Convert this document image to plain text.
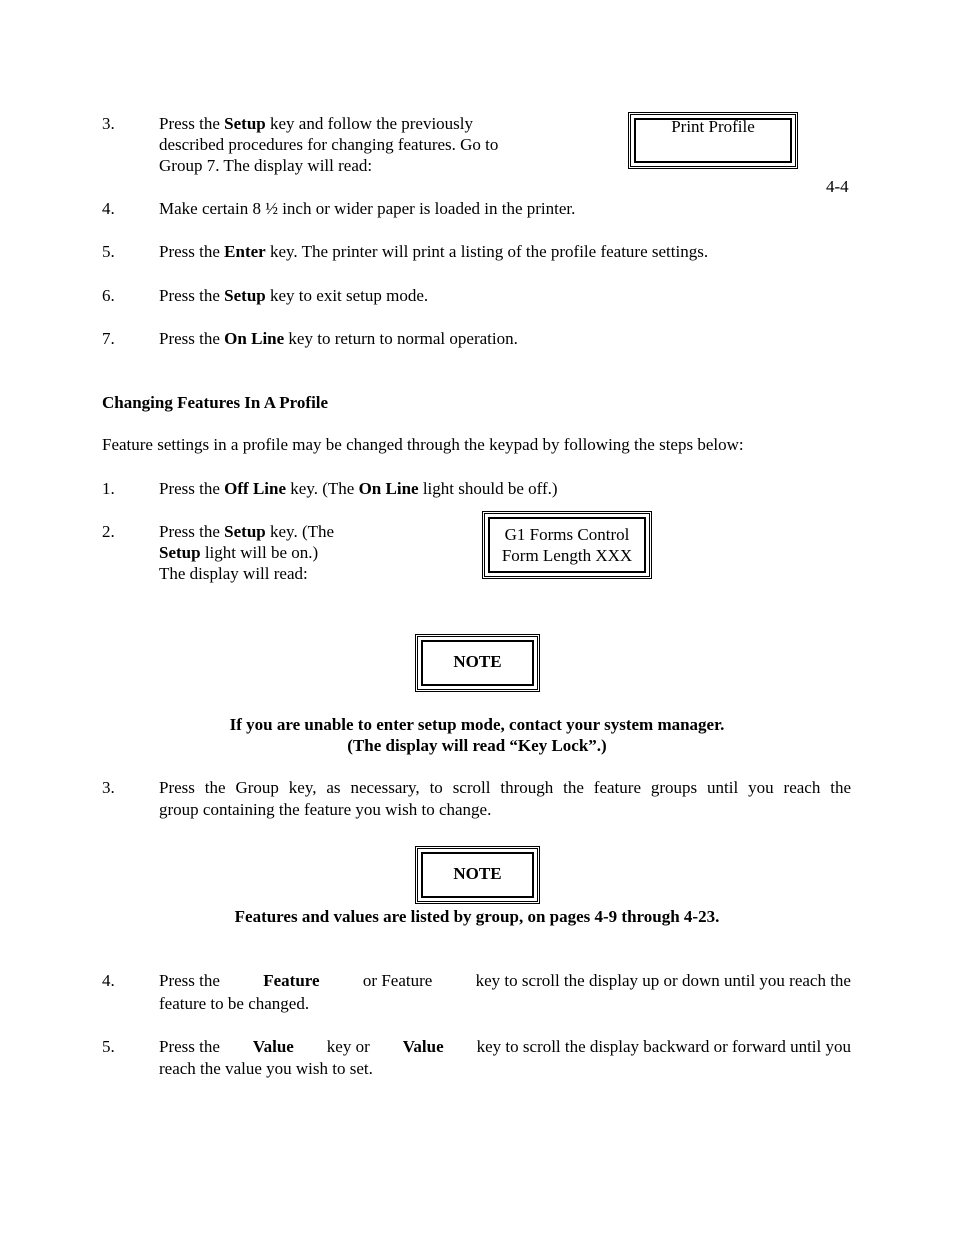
3.	Press the Setup key and follow the previously
described procedures for changing features. Go to
Group 7. The display will read:
Print Profile
4-4
4.	Make certain 8 ½ inch or wider paper is loaded in the printer.
5.	Press the Enter key. The printer will print a listing of the profile feature settings.
6.	Press the Setup key to exit setup mode.
7.	Press the On Line key to return to normal operation.
Changing Features In A Profile
Feature settings in a profile may be changed through the keypad by following the steps below:
1.	Press the Off Line key. (The On Line light should be off.)
2.	Press the Setup key. (The
Setup light will be on.)
The display will read:
G1 Forms Control
Form Length XXX
NOTE
If you are unable to enter setup mode, contact your system manager.
(The display will read “Key Lock”.)
3.	Press the Group key, as necessary, to scroll through the feature groups until you reach the
group containing the feature you wish to change.
NOTE
Features and values are listed by group, on pages 4-9 through 4-23.
4.	Press the	Feature	or Feature	key to scroll the display up or down until you reach the
feature to be changed.
5.	Press the Value key or Value key to scroll the display backward or forward until you
reach the value you wish to set.
